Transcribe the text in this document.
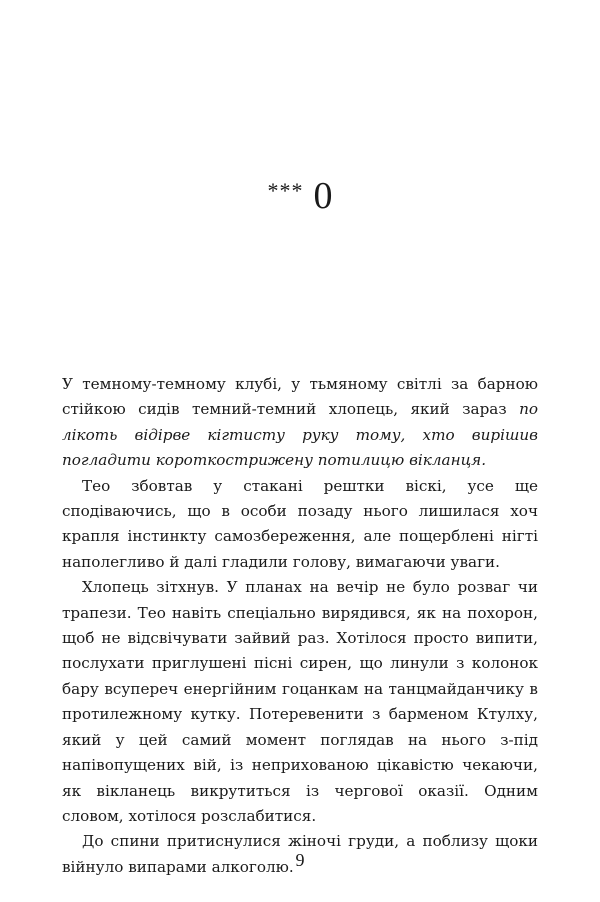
*** 0

У темному-темному клубі, у тьмяному світлі за барною стійкою сидів темний-темний хлопець, який зараз по лікоть відірве кігтисту руку тому, хто вирішив погладити короткострижену потилицю вікланця.

Тео збовтав у стакані рештки віскі, усе ще сподіваючись, що в особи позаду нього лишилася хоч крапля інстинкту самозбереження, але пощерблені нігті наполегливо й далі гладили голову, вимагаючи уваги.

Хлопець зітхнув. У планах на вечір не було розваг чи трапези. Тео навіть спеціально вирядився, як на похорон, щоб не відсвічувати зайвий раз. Хотілося просто випити, послухати приглушені пісні сирен, що линули з колонок бару всупереч енергійним гоцанкам на танцмайданчику в протилежному кутку. Потеревенити з барменом Ктулху, який у цей самий момент поглядав на нього з-під напівопущених вій, із неприхованою цікавістю чекаючи, як вікланець викрутиться із чергової оказії. Одним словом, хотілося розслабитися.

До спини притиснулися жіночі груди, а поблизу щоки війнуло випарами алкоголю. 9
